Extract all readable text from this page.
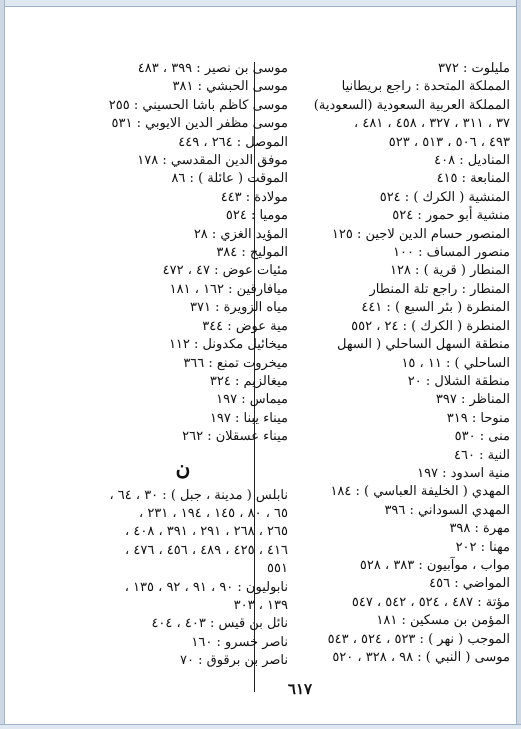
مليلوت : ٣٧٢
المملكة المتحدة : راجع بريطانيا
المملكة العربية السعودية (السعودية)
٣٧ ، ٣١١ ، ٣٢٧ ، ٤٥٨ ، ٤٨١ ،
٤٩٣ ، ٥٠٦ ، ٥١٣ ، ٥٢٣
المناديل : ٤٠٨
المنابعة : ٤١٥
المنشية ( الكرك ) : ٥٢٤
منشية أبو حمور : ٥٢٤
المنصور حسام الدين لاجين : ١٢٥
منصور المساف : ١٠٠
المنطار ( قرية ) : ١٢٨
المنطار : راجع تلة المنطار
المنطرة ( بئر السبع ) : ٤٤١
المنطرة ( الكرك ) : ٢٤ ، ٥٥٢
منطقة السهل الساحلي ( السهل
الساحلي ) : ١١ ، ١٥
منطقة الشلال : ٢٠
المناظر : ٣٩٧
منوحا : ٣١٩
منى : ٥٣٠
النية : ٤٦٠
منية اسدود : ١٩٧
المهدي ( الخليفة العباسي ) : ١٨٤
المهدي السوداني : ٣٩٦
مهرة : ٣٩٨
مهنا : ٢٠٢
مواب ، موآبيون : ٣٨٣ ، ٥٢٨
المواضي : ٤٥٦
مؤتة : ٤٨٧ ، ٥٢٤ ، ٥٤٢ ، ٥٤٧
المؤمن بن مسكين : ١٨١
الموجب ( نهر ) : ٥٢٣ ، ٥٢٤ ، ٥٤٣
موسى ( النبي ) : ٩٨ ، ٣٢٨ ، ٥٢٠
موسى بن نصير : ٣٩٩ ، ٤٨٣
موسى الحبشي : ٣٨١
موسى كاظم باشا الحسيني : ٢٥٥
موسى مظفر الدين الايوبي : ٥٣١
الموصل : ٢٦٤ ، ٤٤٩
موفق الدين المقدسي : ١٧٨
الموقت ( عائلة ) : ٨٦
مولادة : ٤٤٣
موميا : ٥٢٤
المؤيد الغزي : ٢٨
الموليح : ٣٨٤
مئيات عوض : ٤٧ ، ٤٧٢
ميافارقين : ١٦٢ ، ١٨١
مياه الزويرة : ٣٧١
مية عوض : ٣٤٤
ميخائيل مكدونل : ١١٢
ميخروت تمنع : ٣٦٦
ميغالزيم : ٣٢٤
ميماس : ١٩٧
ميناء يبنا : ١٩٧
ميناء عسقلان : ٢٦٢
ن
نابلس ( مدينة ، جبل ) : ٣٠ ، ٦٤ ،
٦٥ ، ٨٠ ، ١٤٥ ، ١٩٤ ، ٢٣١ ،
٢٦٥ ، ٢٦٨ ، ٢٩١ ، ٣٩١ ، ٤٠٨ ،
٤١٦ ، ٤٢٥ ، ٤٨٩ ، ٤٥٦ ، ٤٧٦ ،
٥٥١
نابوليون : ٩٠ ، ٩١ ، ٩٢ ، ١٣٥ ،
١٣٩ ، ٣٠٣
نائل بن قيس : ٤٠٣ ، ٤٠٤
ناصر خسرو : ١٦٠
ناصر بن برقوق : ٧٠
٦١٧
